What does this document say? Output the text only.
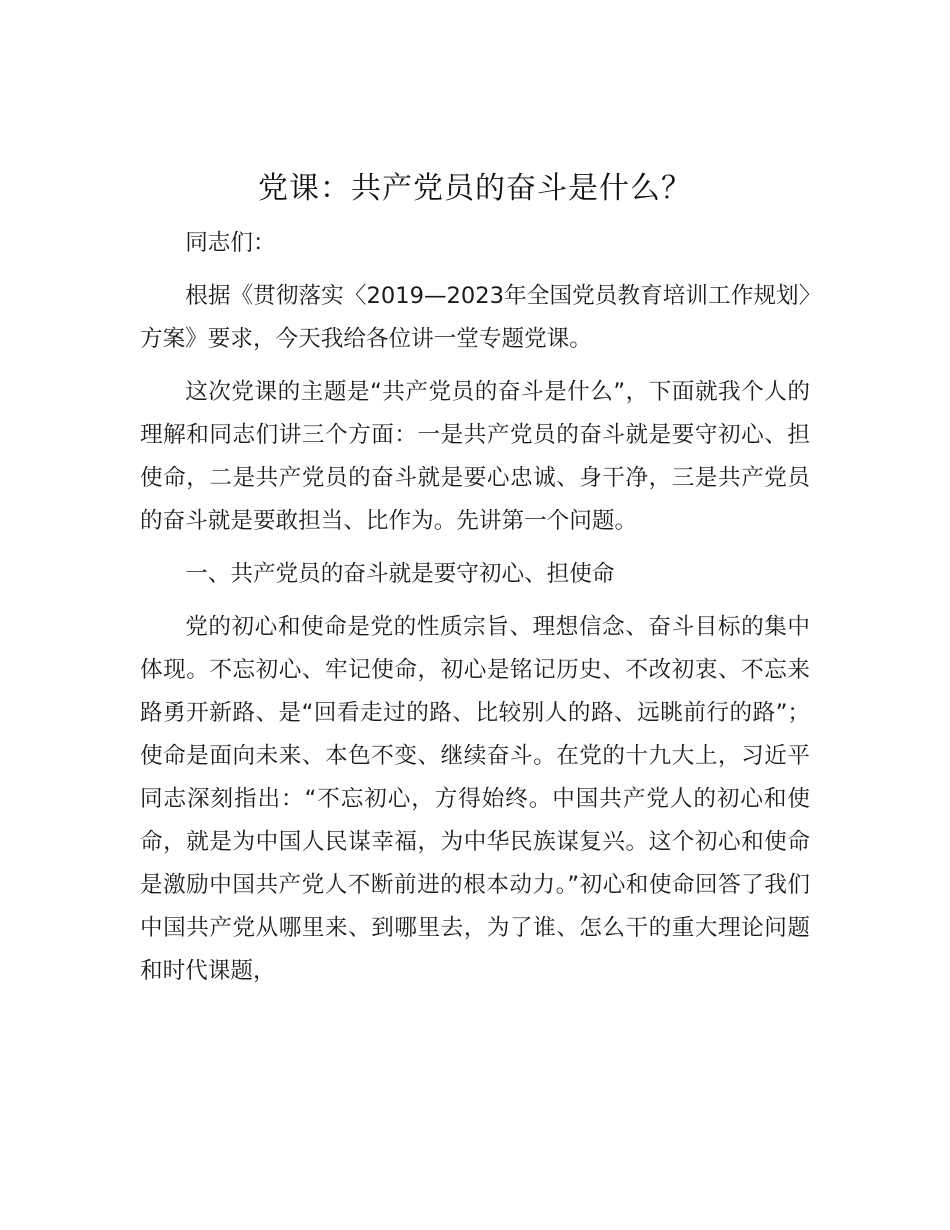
党课：共产党员的奋斗是什么？

同志们：

根据《贯彻落实〈2019—2023年全国党员教育培训工作规划〉方案》要求，今天我给各位讲一堂专题党课。

这次党课的主题是“共产党员的奋斗是什么”，下面就我个人的理解和同志们讲三个方面：一是共产党员的奋斗就是要守初心、担使命，二是共产党员的奋斗就是要心忠诚、身干净，三是共产党员的奋斗就是要敢担当、比作为。先讲第一个问题。

一、共产党员的奋斗就是要守初心、担使命

党的初心和使命是党的性质宗旨、理想信念、奋斗目标的集中体现。不忘初心、牢记使命，初心是铭记历史、不改初衷、不忘来路勇开新路、是“回看走过的路、比较别人的路、远眺前行的路”；使命是面向未来、本色不变、继续奋斗。在党的十九大上，习近平同志深刻指出：“不忘初心，方得始终。中国共产党人的初心和使命，就是为中国人民谋幸福，为中华民族谋复兴。这个初心和使命是激励中国共产党人不断前进的根本动力。”初心和使命回答了我们中国共产党从哪里来、到哪里去，为了谁、怎么干的重大理论问题和时代课题，
